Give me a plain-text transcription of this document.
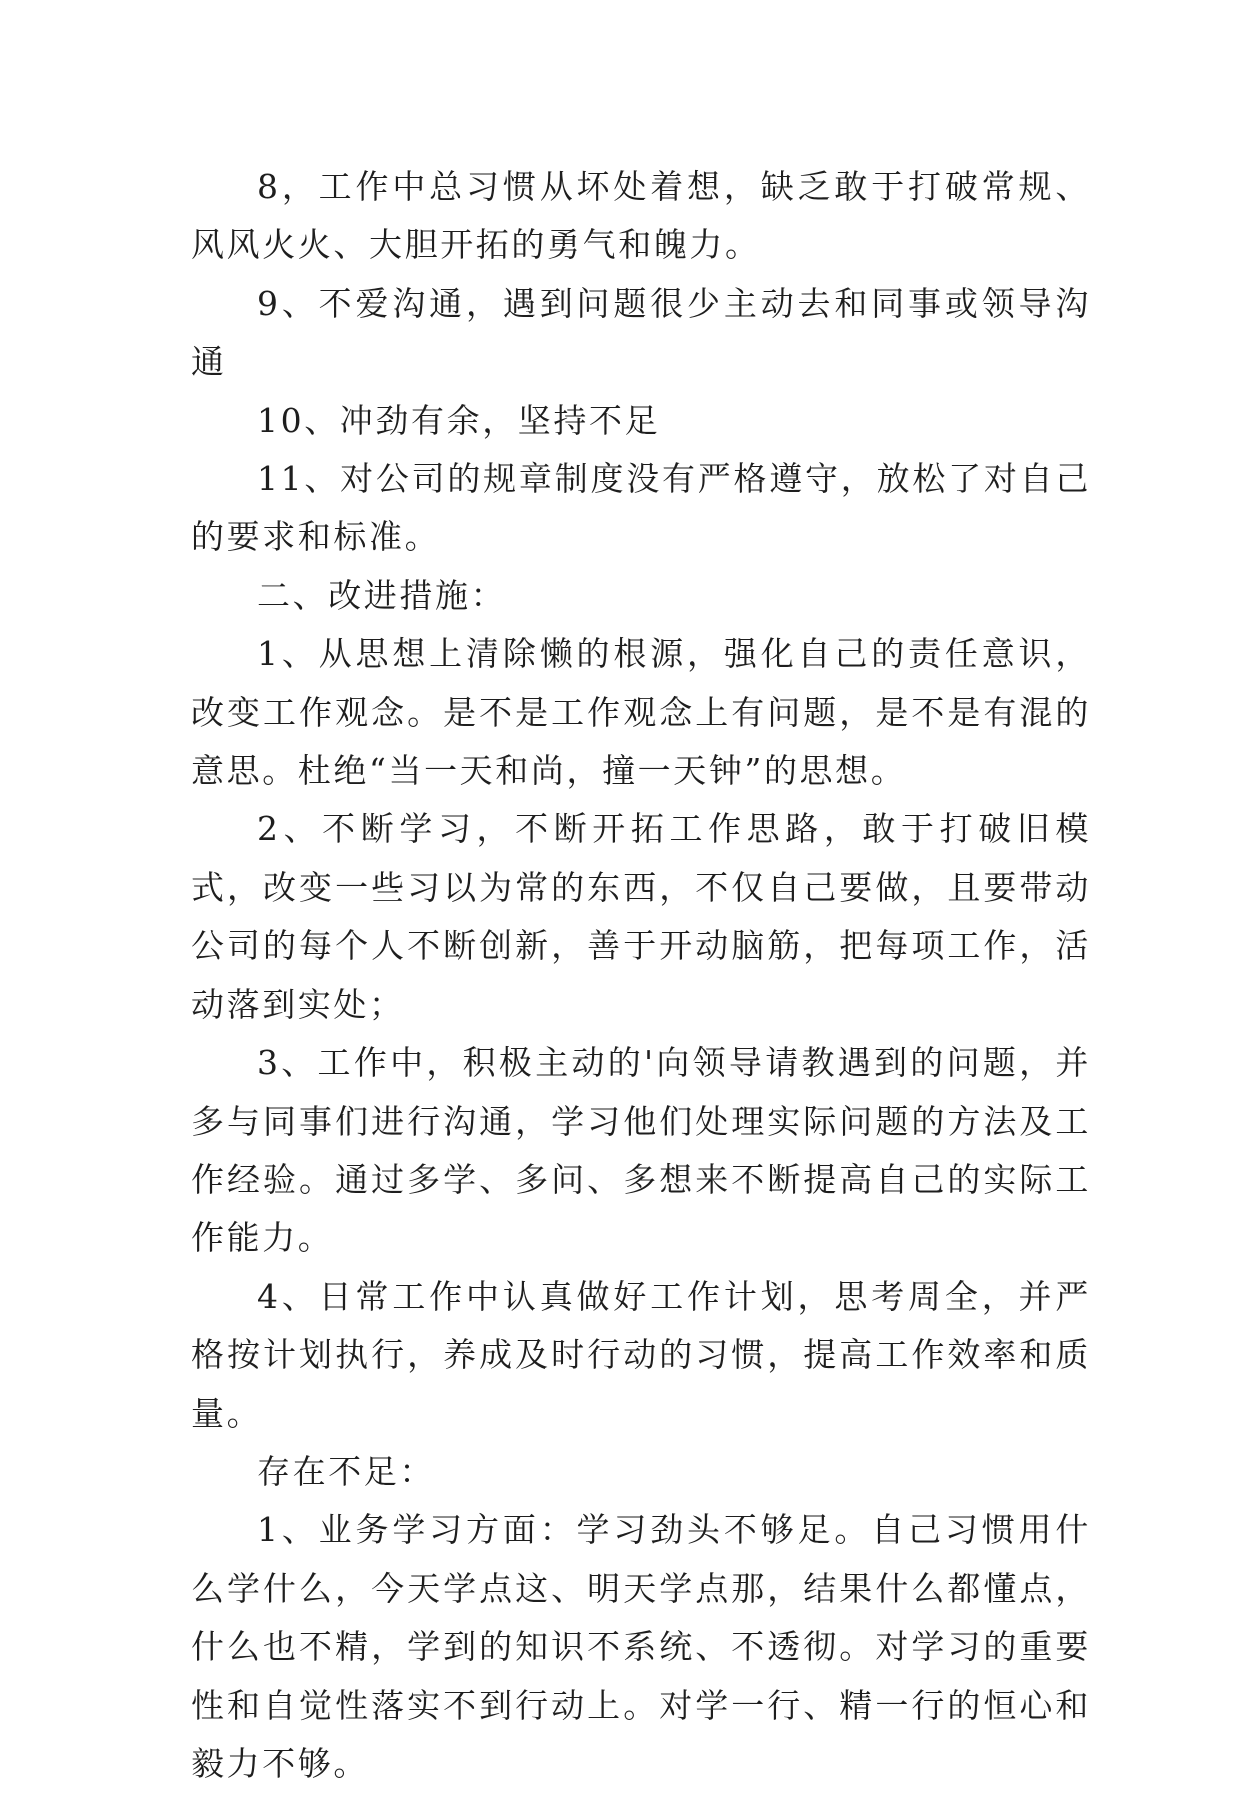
8，工作中总习惯从坏处着想，缺乏敢于打破常规、风风火火、大胆开拓的勇气和魄力。

9、不爱沟通，遇到问题很少主动去和同事或领导沟通

10、冲劲有余，坚持不足

11、对公司的规章制度没有严格遵守，放松了对自己的要求和标准。

二、改进措施：

1、从思想上清除懒的根源，强化自己的责任意识，改变工作观念。是不是工作观念上有问题，是不是有混的意思。杜绝“当一天和尚，撞一天钟”的思想。

2、不断学习，不断开拓工作思路，敢于打破旧模式，改变一些习以为常的东西，不仅自己要做，且要带动公司的每个人不断创新，善于开动脑筋，把每项工作，活动落到实处；

3、工作中，积极主动的'向领导请教遇到的问题，并多与同事们进行沟通，学习他们处理实际问题的方法及工作经验。通过多学、多问、多想来不断提高自己的实际工作能力。

4、日常工作中认真做好工作计划，思考周全，并严格按计划执行，养成及时行动的习惯，提高工作效率和质量。

存在不足：

1、业务学习方面：学习劲头不够足。自己习惯用什么学什么，今天学点这、明天学点那，结果什么都懂点，什么也不精，学到的知识不系统、不透彻。对学习的重要性和自觉性落实不到行动上。对学一行、精一行的恒心和毅力不够。
